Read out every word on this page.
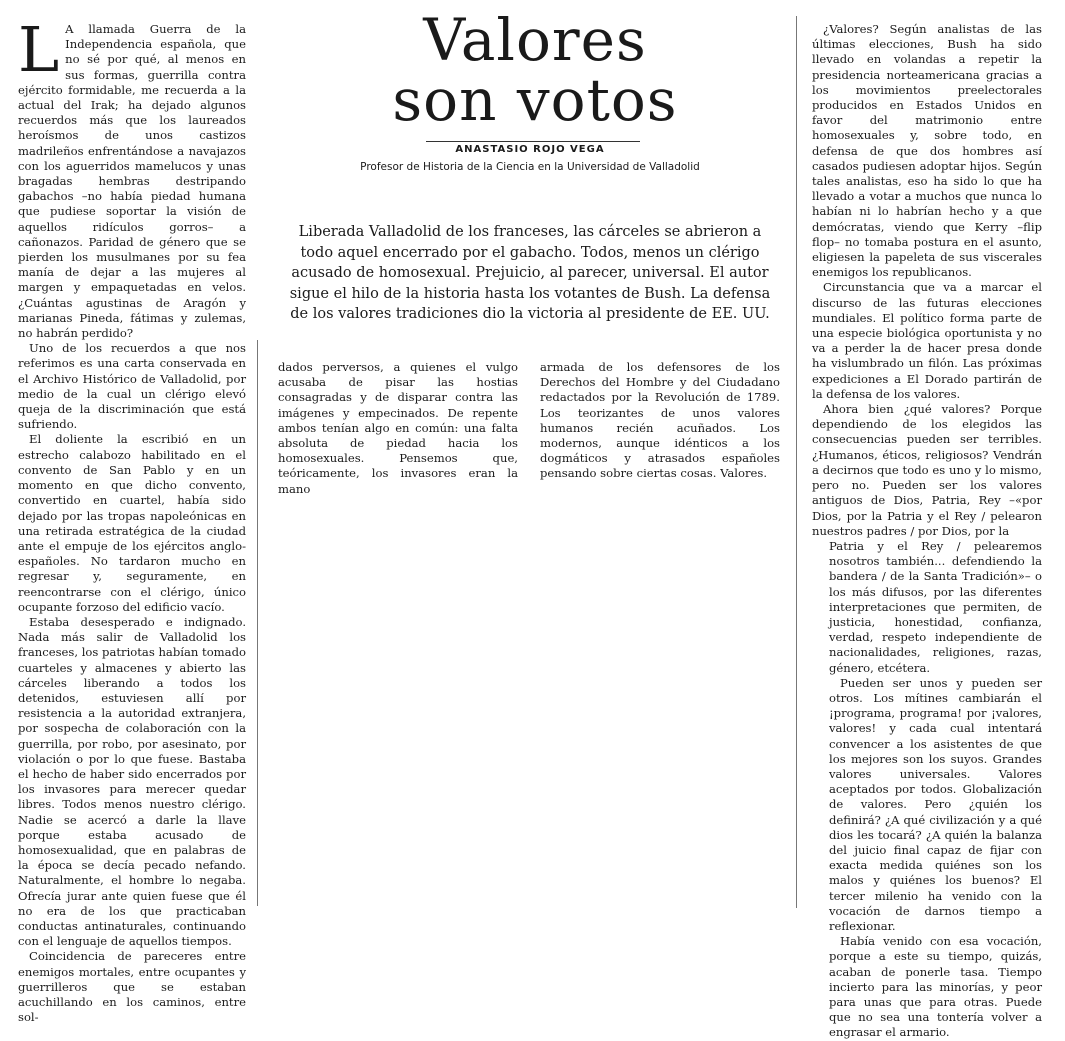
L A llamada Guerra de la Independencia española, que no sé por qué, al menos en sus formas, guerrilla contra ejército formidable, me recuerda a la actual del Irak; ha dejado algunos recuerdos más que los laureados heroísmos de unos castizos madrileños enfrentándose a navajazos con los aguerridos mamelucos y unas bragadas hembras destripando gabachos –no había piedad humana que pudiese soportar la visión de aquellos ridículos gorros– a cañonazos. Paridad de género que se pierden los musulmanes por su fea manía de dejar a las mujeres al margen y empaquetadas en velos. ¿Cuántas agustinas de Aragón y marianas Pineda, fátimas y zulemas, no habrán perdido?

Uno de los recuerdos a que nos referimos es una carta conservada en el Archivo Histórico de Valladolid, por medio de la cual un clérigo elevó queja de la discriminación que está sufriendo.

El doliente la escribió en un estrecho calabozo habilitado en el convento de San Pablo y en un momento en que dicho convento, convertido en cuartel, había sido dejado por las tropas napoleónicas en una retirada estratégica de la ciudad ante el empuje de los ejércitos anglo-españoles. No tardaron mucho en regresar y, seguramente, en reencontrarse con el clérigo, único ocupante forzoso del edificio vacío.

Estaba desesperado e indignado. Nada más salir de Valladolid los franceses, los patriotas habían tomado cuarteles y almacenes y abierto las cárceles liberando a todos los detenidos, estuviesen allí por resistencia a la autoridad extranjera, por sospecha de colaboración con la guerrilla, por robo, por asesinato, por violación o por lo que fuese. Bastaba el hecho de haber sido encerrados por los invasores para merecer quedar libres. Todos menos nuestro clérigo. Nadie se acercó a darle la llave porque estaba acusado de homosexualidad, que en palabras de la época se decía pecado nefando. Naturalmente, el hombre lo negaba. Ofrecía jurar ante quien fuese que él no era de los que practicaban conductas antinaturales, continuando con el lenguaje de aquellos tiempos.

Coincidencia de pareceres entre enemigos mortales, entre ocupantes y guerrilleros que se estaban acuchillando en los caminos, entre sol-

Valores
son votos
ANASTASIO ROJO VEGA
Profesor de Historia de la Ciencia en la Universidad de Valladolid
Liberada Valladolid de los franceses, las cárceles se abrieron a todo aquel encerrado por el gabacho. Todos, menos un clérigo acusado de homosexual. Prejuicio, al parecer, universal. El autor sigue el hilo de la historia hasta los votantes de Bush. La defensa de los valores tradiciones dio la victoria al presidente de EE. UU.

dados perversos, a quienes el vulgo acusaba de pisar las hostias consagradas y de disparar contra las imágenes y empecinados. De repente ambos tenían algo en común: una falta absoluta de piedad hacia los homosexuales. Pensemos que, teóricamente, los invasores eran la mano

armada de los defensores de los Derechos del Hombre y del Ciudadano redactados por la Revolución de 1789. Los teorizantes de unos valores humanos recién acuñados. Los modernos, aunque idénticos a los dogmáticos y atrasados españoles pensando sobre ciertas cosas. Valores.

¿Valores? Según analistas de las últimas elecciones, Bush ha sido llevado en volandas a repetir la presidencia norteamericana gracias a los movimientos preelectorales producidos en Estados Unidos en favor del matrimonio entre homosexuales y, sobre todo, en defensa de que dos hombres así casados pudiesen adoptar hijos. Según tales analistas, eso ha sido lo que ha llevado a votar a muchos que nunca lo habían ni lo habrían hecho y a que demócratas, viendo que Kerry –flip flop– no tomaba postura en el asunto, eligiesen la papeleta de sus viscerales enemigos los republicanos.

Circunstancia que va a marcar el discurso de las futuras elecciones mundiales. El político forma parte de una especie biológica oportunista y no va a perder la de hacer presa donde ha vislumbrado un filón. Las próximas expediciones a El Dorado partirán de la defensa de los valores.

Ahora bien ¿qué valores? Porque dependiendo de los elegidos las consecuencias pueden ser terribles. ¿Humanos, éticos, religiosos? Vendrán a decirnos que todo es uno y lo mismo, pero no. Pueden ser los valores antiguos de Dios, Patria, Rey –«por Dios, por la Patria y el Rey / pelearon nuestros padres / por Dios, por la

Patria y el Rey / pelearemos nosotros también... defendiendo la bandera / de la Santa Tradición»– o los más difusos, por las diferentes interpretaciones que permiten, de justicia, honestidad, confianza, verdad, respeto independiente de nacionalidades, religiones, razas, género, etcétera.

Pueden ser unos y pueden ser otros. Los mítines cambiarán el ¡programa, programa! por ¡valores, valores! y cada cual intentará convencer a los asistentes de que los mejores son los suyos. Grandes valores universales. Valores aceptados por todos. Globalización de valores. Pero ¿quién los definirá? ¿A qué civilización y a qué dios les tocará? ¿A quién la balanza del juicio final capaz de fijar con exacta medida quiénes son los malos y quiénes los buenos? El tercer milenio ha venido con la vocación de darnos tiempo a reflexionar.

Había venido con esa vocación, porque a este su tiempo, quizás, acaban de ponerle tasa. Tiempo incierto para las minorías, y peor para unas que para otras. Puede que no sea una tontería volver a engrasar el armario.
